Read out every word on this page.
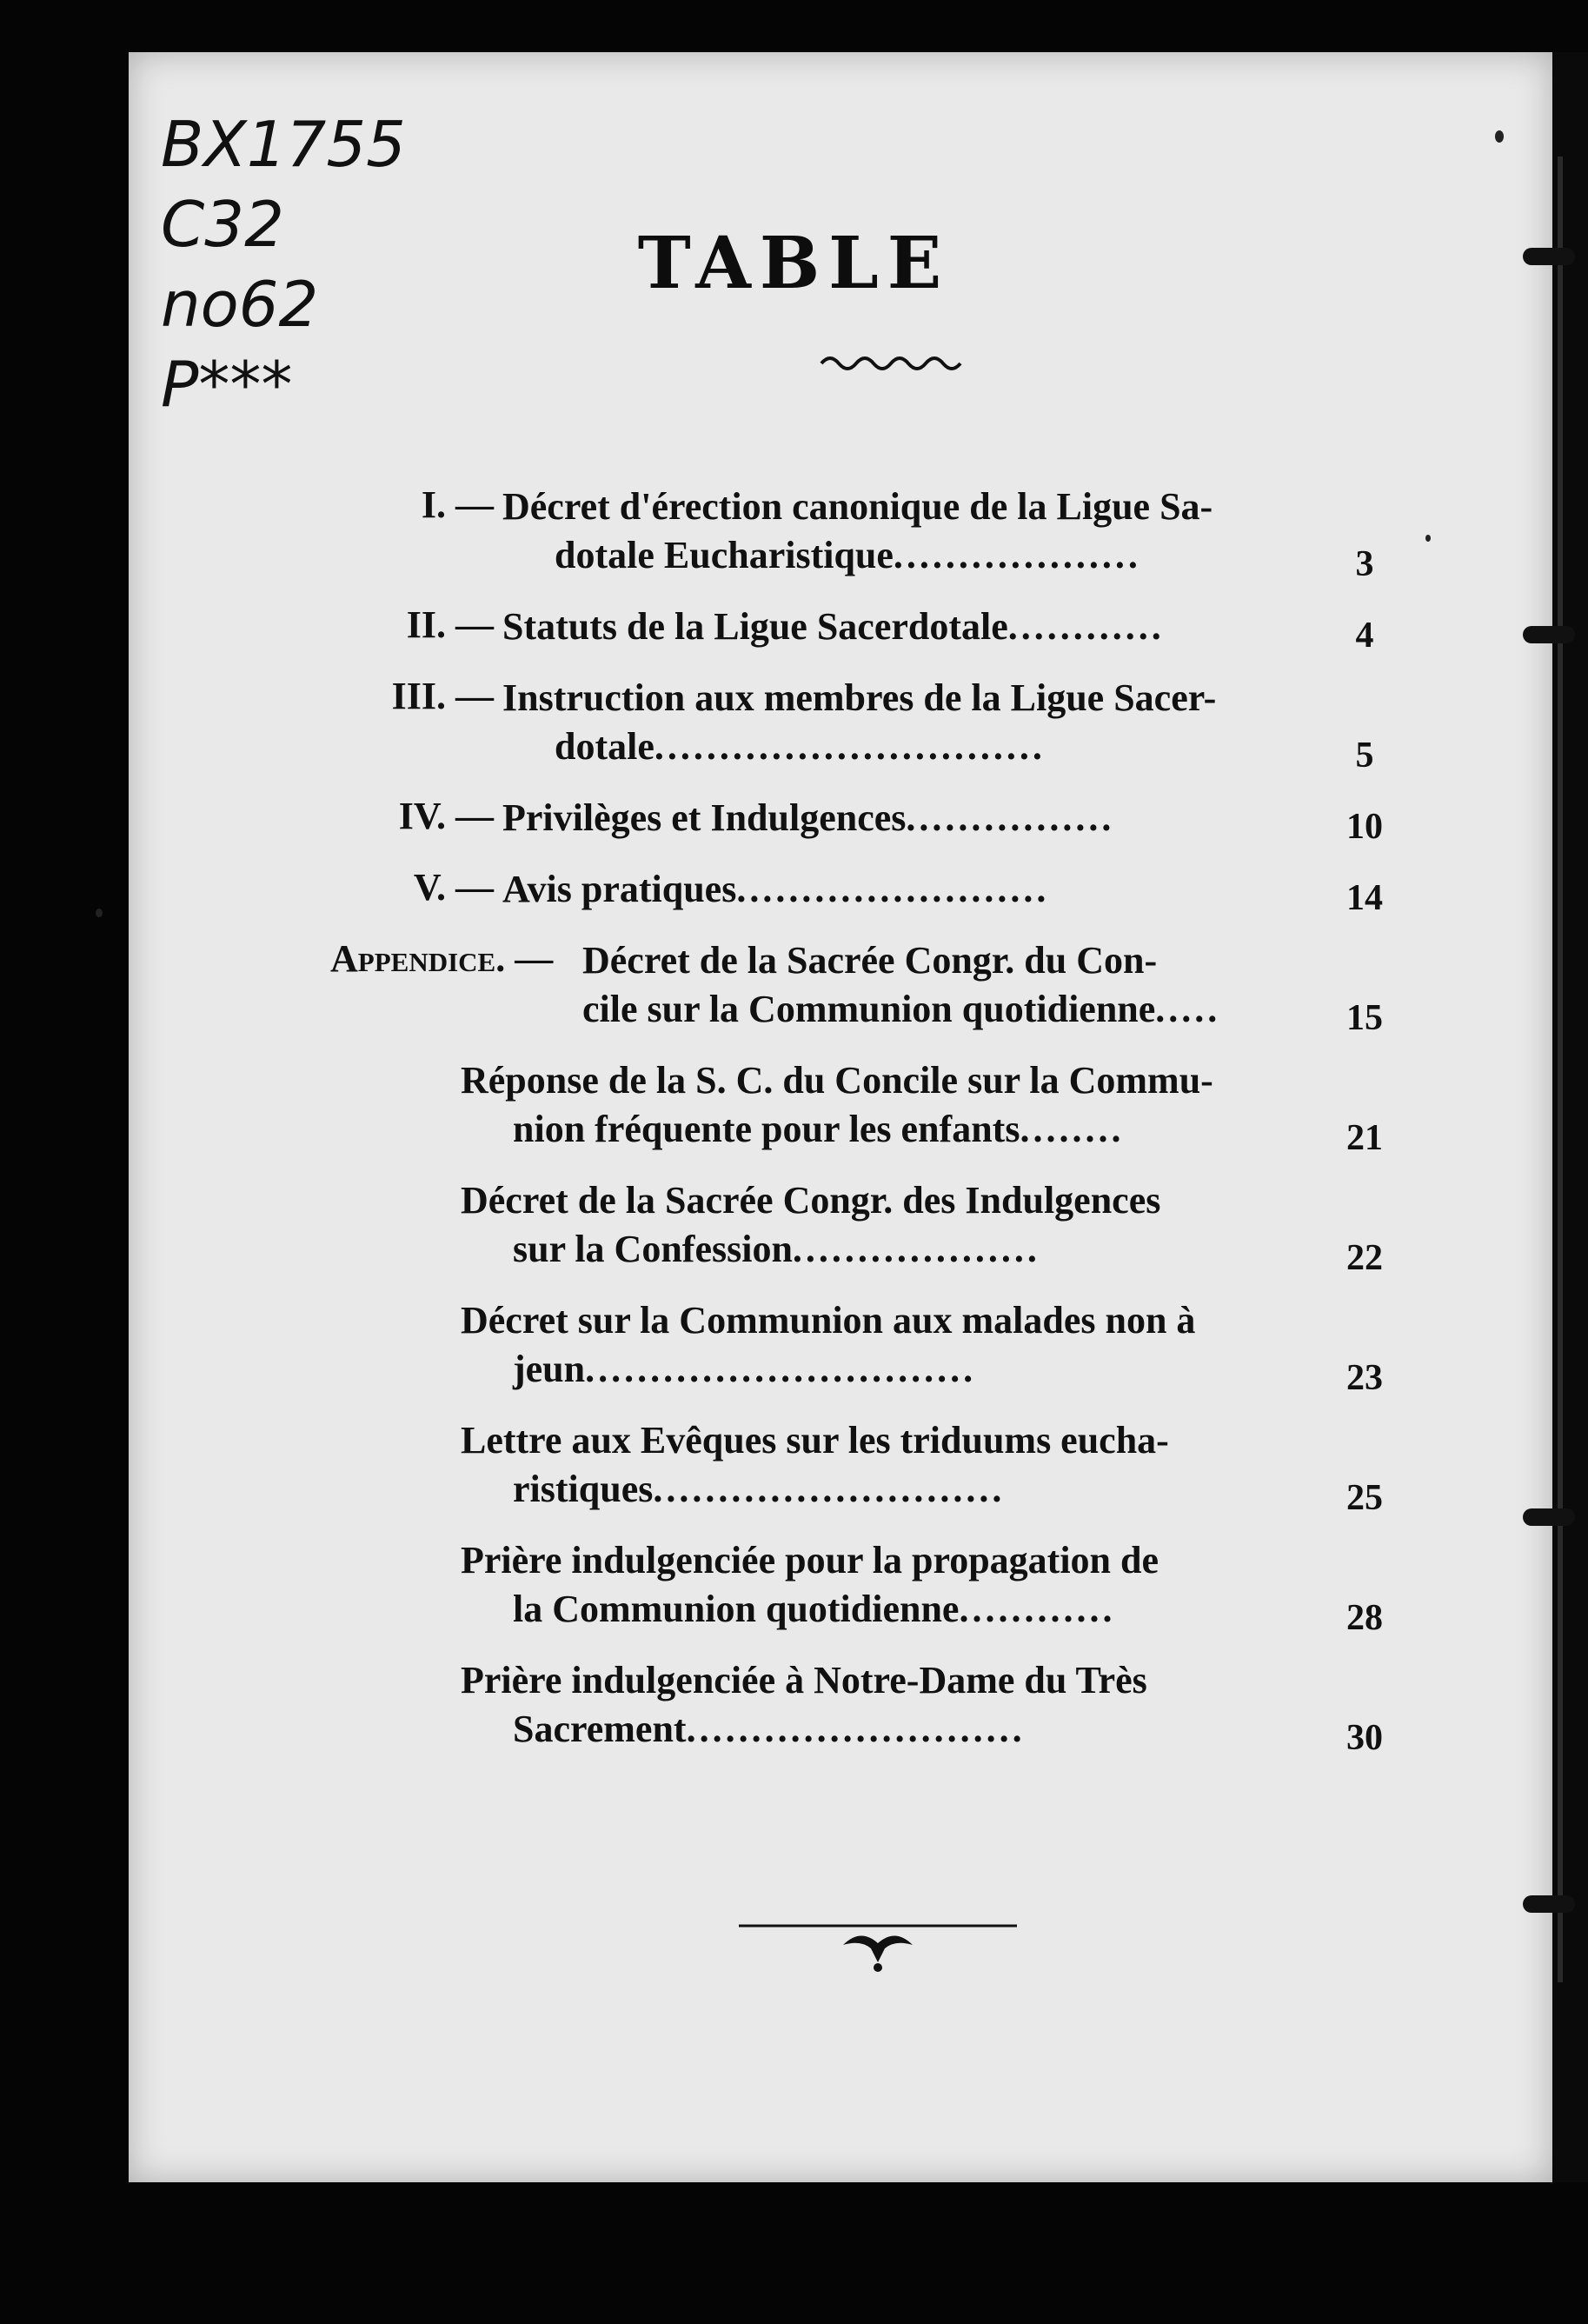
BX1755
C32
no62
P***
TABLE
I. — Décret d'érection canonique de la Ligue Sa-
dotale Eucharistique...................	3
II. — Statuts de la Ligue Sacerdotale............	4
III. — Instruction aux membres de la Ligue Sacer-
dotale..............................	5
IV. — Privilèges et Indulgences................	10
V. — Avis pratiques........................	14
Appendice. — Décret de la Sacrée Congr. du Con-
cile sur la Communion quotidienne.....	15
Réponse de la S. C. du Concile sur la Commu-
nion fréquente pour les enfants........	21
Décret de la Sacrée Congr. des Indulgences
sur la Confession...................	22
Décret sur la Communion aux malades non à
jeun..............................	23
Lettre aux Evêques sur les triduums eucha-
ristiques...........................	25
Prière indulgenciée pour la propagation de
la Communion quotidienne............	28
Prière indulgenciée à Notre-Dame du Très
Sacrement..........................	30
